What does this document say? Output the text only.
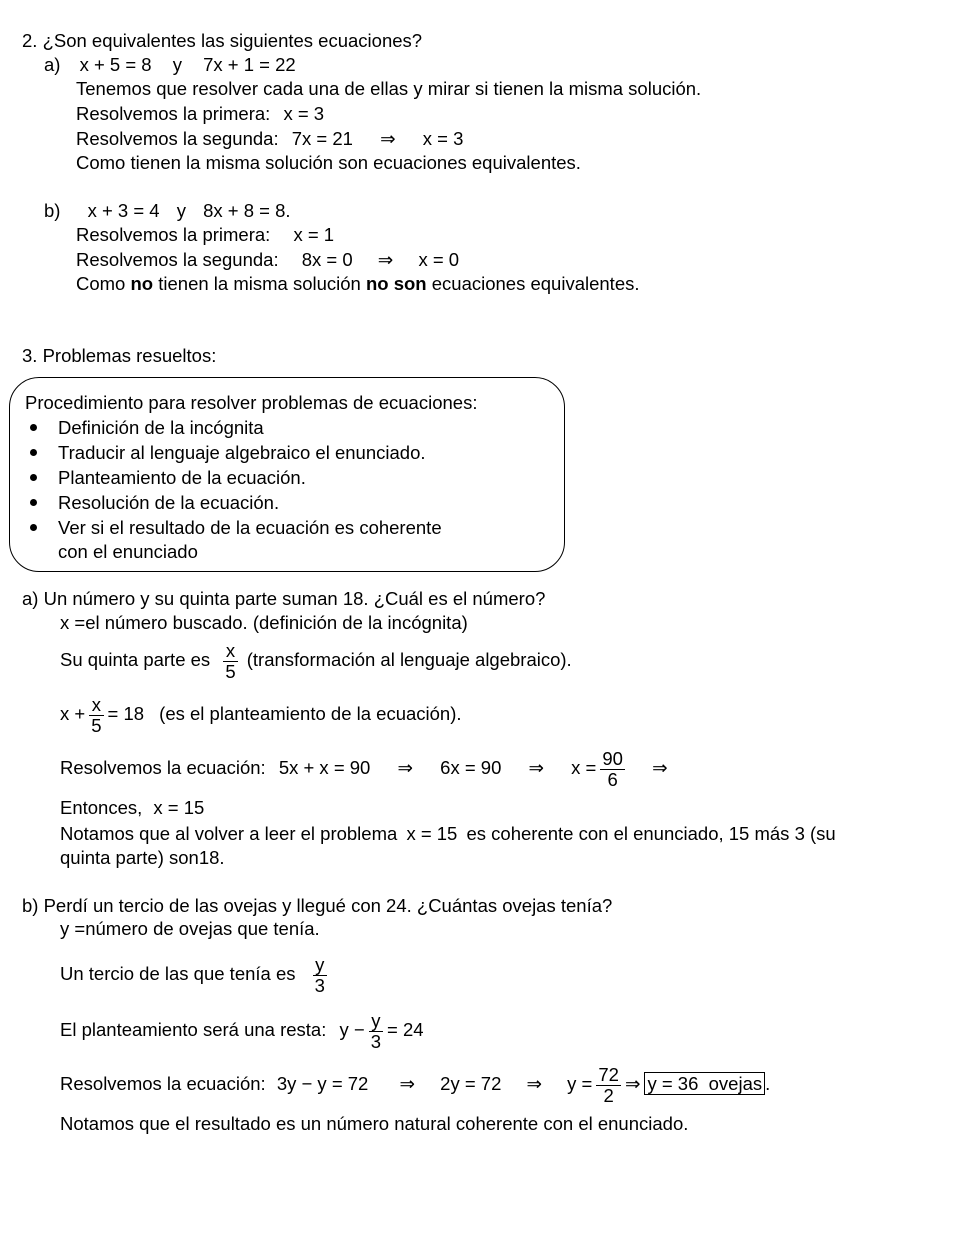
2. ¿Son equivalentes las siguientes ecuaciones?
a) x + 5 = 8 y 7x + 1 = 22
Tenemos que resolver cada una de ellas y mirar si tienen la misma solución.
Resolvemos la primera: x = 3
Resolvemos la segunda: 7x = 21 ⇒ x = 3
Como tienen la misma solución son ecuaciones equivalentes.
b) x + 3 = 4 y 8x + 8 = 8.
Resolvemos la primera: x = 1
Resolvemos la segunda: 8x = 0 ⇒ x = 0
Como no tienen la misma solución no son ecuaciones equivalentes.
3. Problemas resueltos:
Procedimiento para resolver problemas de ecuaciones:
Definición de la incógnita
Traducir al lenguaje algebraico el enunciado.
Planteamiento de la ecuación.
Resolución de la ecuación.
Ver si el resultado de la ecuación es coherente
con el enunciado
a) Un número y su quinta parte suman 18. ¿Cuál es el número?
x =el número buscado. (definición de la incógnita)
Su quinta parte es $\frac{x}{5}$ (transformación al lenguaje algebraico).
$x + \frac{x}{5} = 18$ (es el planteamiento de la ecuación).
Resolvemos la ecuación: 5x + x = 90 ⇒ 6x = 90 ⇒ $x = \frac{90}{6}$ ⇒
Entonces, x = 15
Notamos que al volver a leer el problema x = 15 es coherente con el enunciado, 15 más 3 (su
quinta parte) son18.
b) Perdí un tercio de las ovejas y llegué con 24. ¿Cuántas ovejas tenía?
y =número de ovejas que tenía.
Un tercio de las que tenía es $\frac{y}{3}$
El planteamiento será una resta: $y - \frac{y}{3} = 24$
Resolvemos la ecuación: 3y − y = 72 ⇒ 2y = 72 ⇒ $y = \frac{72}{2}$ ⇒ y = 36  ovejas .
Notamos que el resultado es un número natural coherente con el enunciado.
